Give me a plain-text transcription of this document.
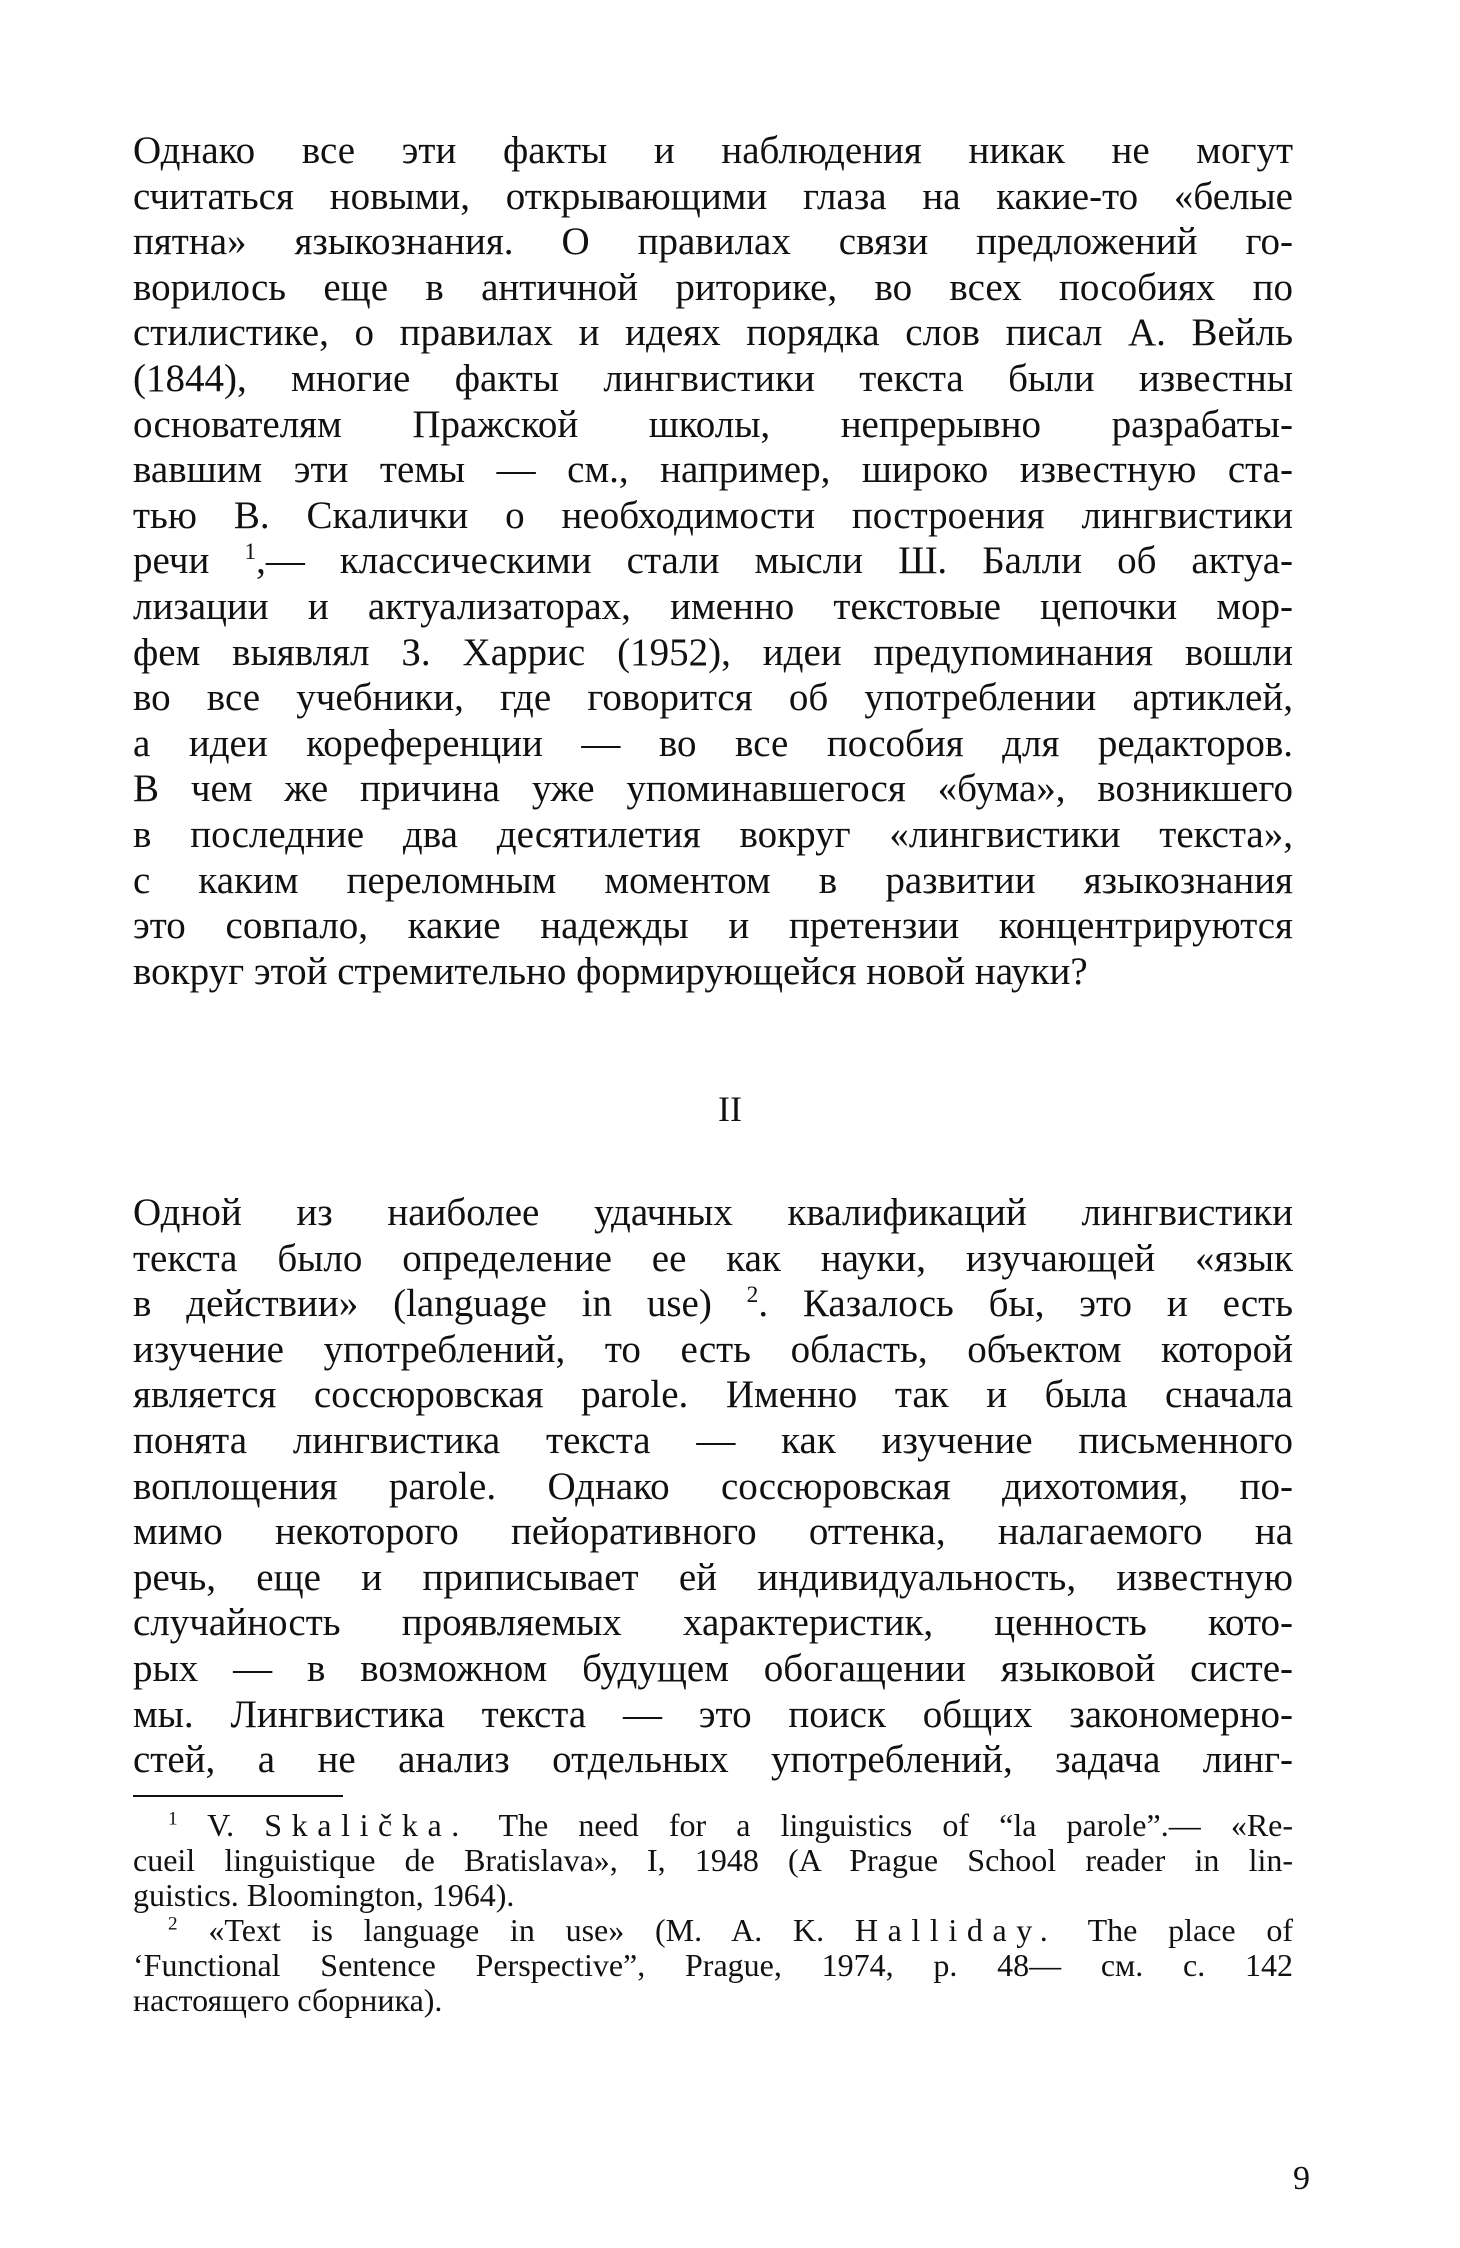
Однако все эти факты и наблюдения никак не могут
считаться новыми, открывающими глаза на какие-то «белые
пятна» языкознания. О правилах связи предложений го-
ворилось еще в античной риторике, во всех пособиях по
стилистике, о правилах и идеях порядка слов писал А. Вейль
(1844), многие факты лингвистики текста были известны
основателям Пражской школы, непрерывно разрабаты-
вавшим эти темы — см., например, широко известную ста-
тью В. Скалички о необходимости построения лингвистики
речи $^1$,— классическими стали мысли Ш. Балли об актуа-
лизации и актуализаторах, именно текстовые цепочки мор-
фем выявлял З. Харрис (1952), идеи предупоминания вошли
во все учебники, где говорится об употреблении артиклей,
а идеи кореференции — во все пособия для редакторов.
В чем же причина уже упоминавшегося «бума», возникшего
в последние два десятилетия вокруг «лингвистики текста»,
с каким переломным моментом в развитии языкознания
это совпало, какие надежды и претензии концентрируются
вокруг этой стремительно формирующейся новой науки?

II

Одной из наиболее удачных квалификаций лингвистики
текста было определение ее как науки, изучающей «язык
в действии» (language in use) $^2$. Казалось бы, это и есть
изучение употреблений, то есть область, объектом которой
является соссюровская parole. Именно так и была сначала
понята лингвистика текста — как изучение письменного
воплощения parole. Однако соссюровская дихотомия, по-
мимо некоторого пейоративного оттенка, налагаемого на
речь, еще и приписывает ей индивидуальность, известную
случайность проявляемых характеристик, ценность кото-
рых — в возможном будущем обогащении языковой систе-
мы. Лингвистика текста — это поиск общих закономерно-
стей, а не анализ отдельных употреблений, задача линг-

$^1$ V. Skalička. The need for a linguistics of “la parole”.— «Re-
cueil linguistique de Bratislava», I, 1948 (A Prague School reader in lin-
guistics. Bloomington, 1964).
$^2$ «Text is language in use» (M. A. K. Halliday. The place of
‘Functional Sentence Perspective”, Prague, 1974, p. 48— см. с. 142
настоящего сборника).
9
